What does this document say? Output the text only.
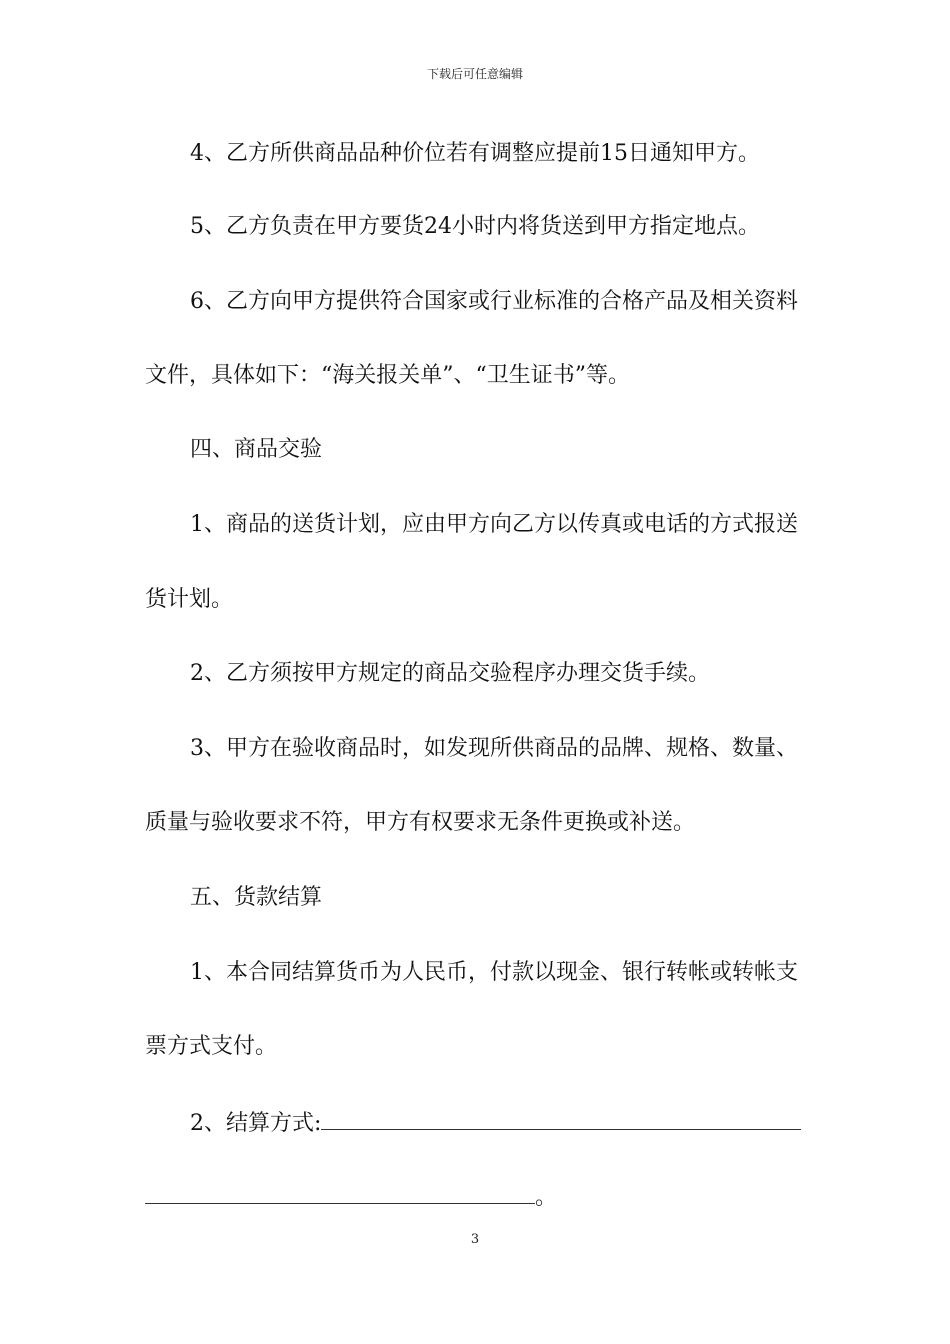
下载后可任意编辑
4、乙方所供商品品种价位若有调整应提前15日通知甲方。
5、乙方负责在甲方要货24小时内将货送到甲方指定地点。
6、乙方向甲方提供符合国家或行业标准的合格产品及相关资料
文件，具体如下：“海关报关单”、“卫生证书”等。
四、商品交验
1、商品的送货计划，应由甲方向乙方以传真或电话的方式报送
货计划。
2、乙方须按甲方规定的商品交验程序办理交货手续。
3、甲方在验收商品时，如发现所供商品的品牌、规格、数量、
质量与验收要求不符，甲方有权要求无条件更换或补送。
五、货款结算
1、本合同结算货币为人民币，付款以现金、银行转帐或转帐支
票方式支付。
2、结算方式:
。
3
